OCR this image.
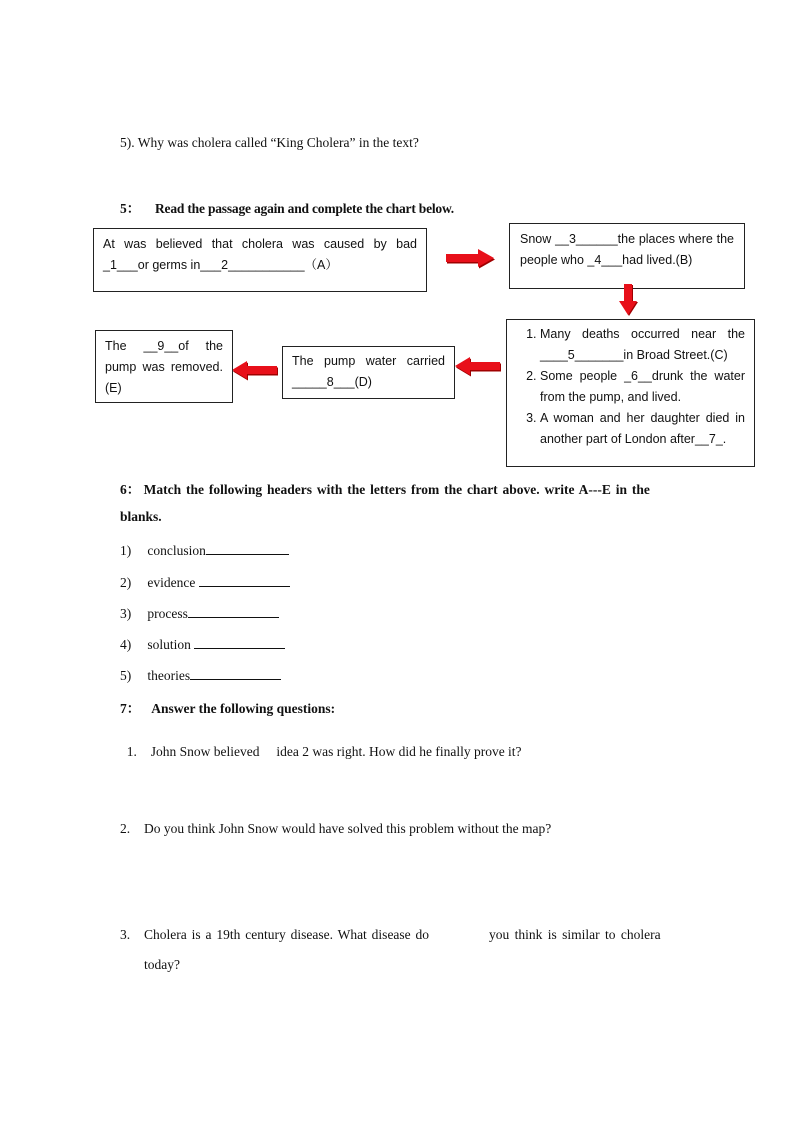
5). Why was cholera called “King Cholera” in the text?
5： Read the passage again and complete the chart below.
At was believed that cholera was caused by bad _1___or germs in___2___________（A）
Snow __3______the places where the people who _4___had lived.(B)
1. Many deaths occurred near the ____5_______in Broad Street.(C)
2. Some people _6__drunk the water from the pump, and lived.
3. A woman and her daughter died in another part of London after__7_.
The pump water carried _____8___(D)
The __9__of the pump was removed.(E)
6： Match the following headers with the letters from the chart above. write A---E in the
blanks.
1) conclusion
2) evidence
3) process
4) solution
5) theories
7： Answer the following questions:

1. John Snow believed     idea 2 was right. How did he finally prove it?

2. Do you think John Snow would have solved this problem without the map?
3. Cholera is a 19th century disease. What disease do	you think is similar to cholera
today?
